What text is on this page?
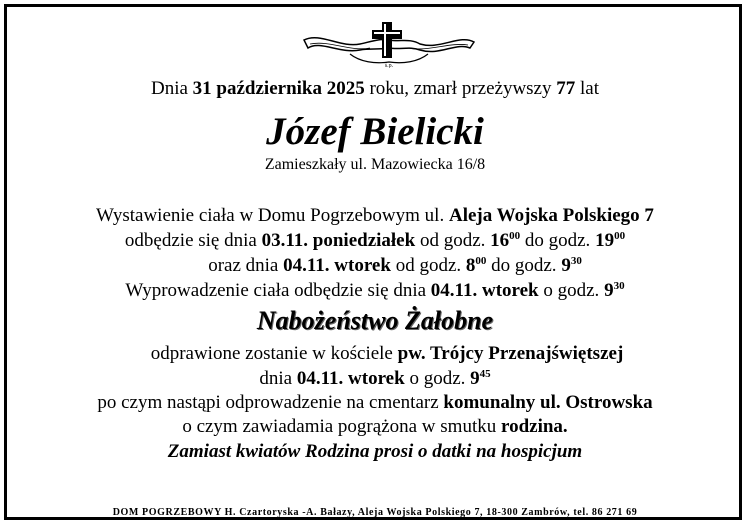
ś.p.
Dnia 31 października 2025 roku, zmarł przeżywszy 77 lat
Józef Bielicki
Zamieszkały ul. Mazowiecka 16/8
Wystawienie ciała w Domu Pogrzebowym ul. Aleja Wojska Polskiego 7
odbędzie się dnia 03.11. poniedziałek od godz. $16^{00}$ do godz. $19^{00}$
oraz dnia 04.11. wtorek od godz. $8^{00}$ do godz. $9^{30}$
Wyprowadzenie ciała odbędzie się dnia 04.11. wtorek o godz. $9^{30}$
Nabożeństwo Żałobne
odprawione zostanie w kościele pw. Trójcy Przenajświętszej
dnia 04.11. wtorek o godz. $9^{45}$
po czym nastąpi odprowadzenie na cmentarz komunalny ul. Ostrowska
o czym zawiadamia pogrążona w smutku rodzina.
Zamiast kwiatów Rodzina prosi o datki na hospicjum
DOM POGRZEBOWY H. Czartoryska -A. Bałazy, Aleja Wojska Polskiego 7, 18-300 Zambrów, tel. 86 271 69
